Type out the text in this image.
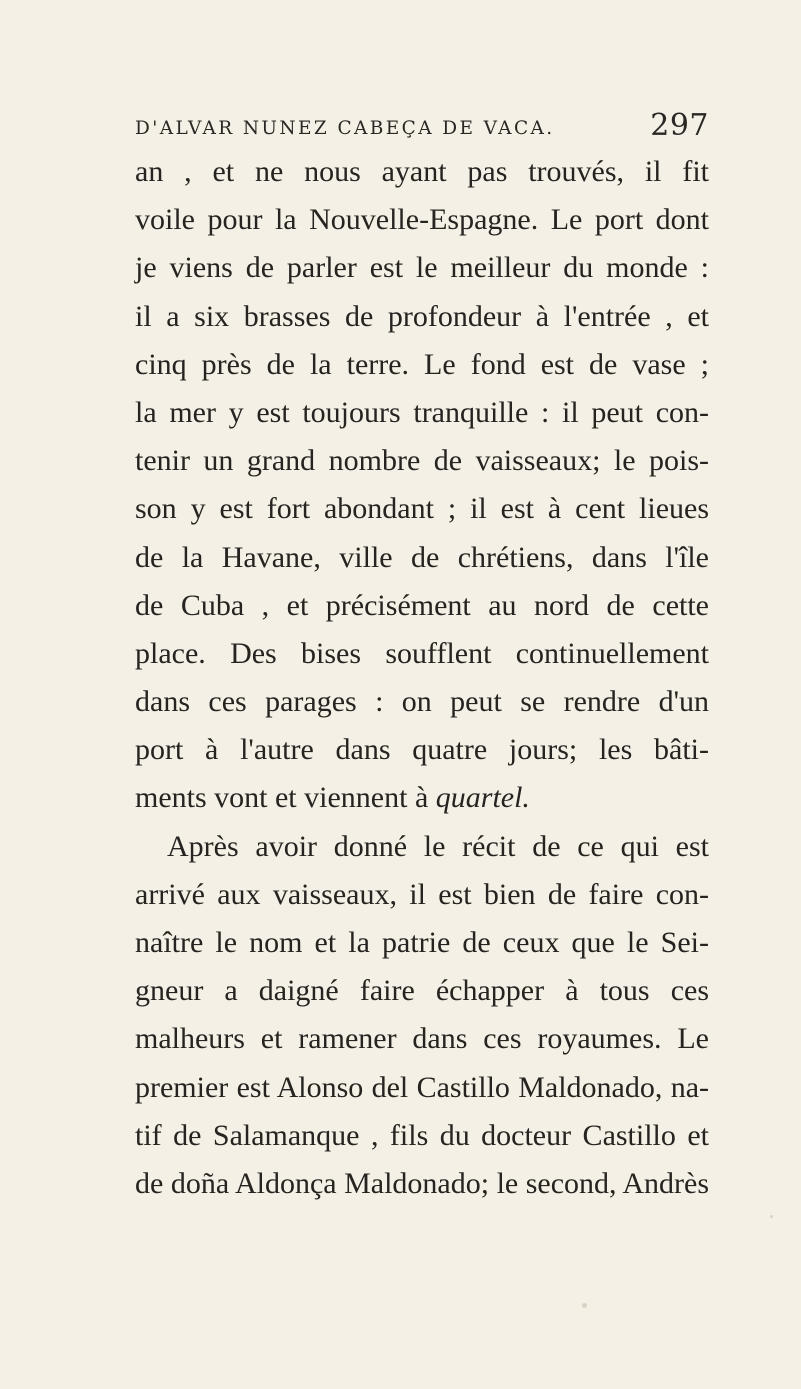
D'ALVAR NUNEZ CABEÇA DE VACA.	297
an , et ne nous ayant pas trouvés, il fit
voile pour la Nouvelle-Espagne. Le port dont
je viens de parler est le meilleur du monde :
il a six brasses de profondeur à l'entrée , et
cinq près de la terre. Le fond est de vase ;
la mer y est toujours tranquille : il peut con-
tenir un grand nombre de vaisseaux; le pois-
son y est fort abondant ; il est à cent lieues
de la Havane, ville de chrétiens, dans l'île
de Cuba , et précisément au nord de cette
place. Des bises soufflent continuellement
dans ces parages : on peut se rendre d'un
port à l'autre dans quatre jours; les bâti-
ments vont et viennent à quartel.
Après avoir donné le récit de ce qui est
arrivé aux vaisseaux, il est bien de faire con-
naître le nom et la patrie de ceux que le Sei-
gneur a daigné faire échapper à tous ces
malheurs et ramener dans ces royaumes. Le
premier est Alonso del Castillo Maldonado, na-
tif de Salamanque , fils du docteur Castillo et
de doña Aldonça Maldonado; le second, Andrès
